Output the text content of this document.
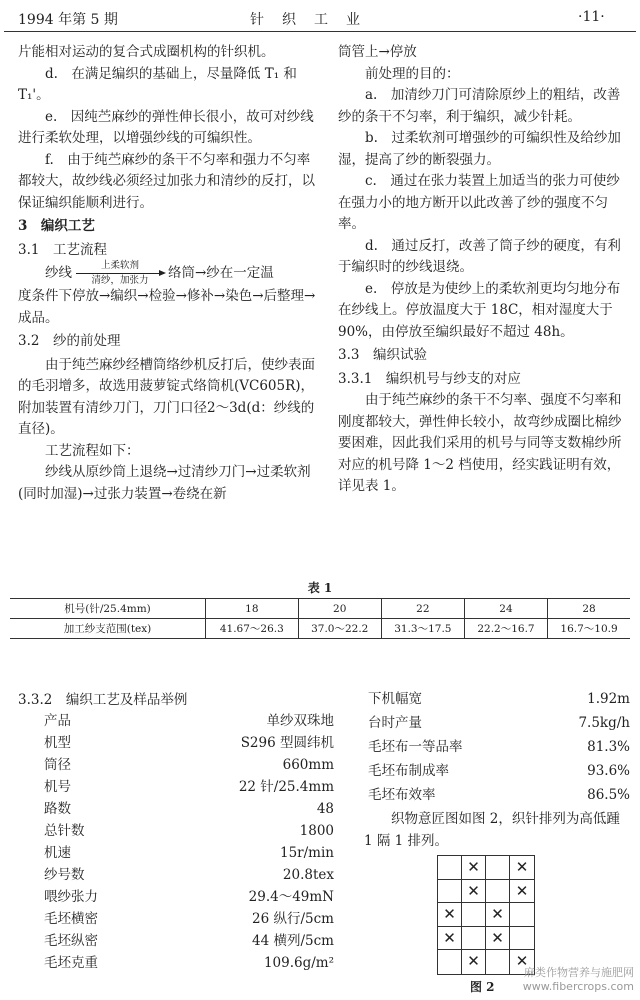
1994 年第 5 期	针　织　工　业	·11·

片能相对运动的复合式成圈机构的针织机。

d.　在满足编织的基础上，尽量降低 T₁ 和 T₁'。

e.　因纯苎麻纱的弹性伸长很小，故可对纱线进行柔软处理，以增强纱线的可编织性。

f.　由于纯苎麻纱的条干不匀率和强力不匀率都较大，故纱线必须经过加张力和清纱的反打，以保证编织能顺利进行。

3　编织工艺

3.1　工艺流程

纱线	上柔软剂
清纱，加张力 络筒→纱在一定温

度条件下停放→编织→检验→修补→染色→后整理→成品。

3.2　纱的前处理

由于纯苎麻纱经槽筒络纱机反打后，使纱表面的毛羽增多，故选用菠萝锭式络筒机(VC605R)，附加装置有清纱刀门，刀门口径2～3d(d：纱线的直径)。

工艺流程如下：

纱线从原纱筒上退绕→过清纱刀门→过柔软剂(同时加湿)→过张力装置→卷绕在新

筒管上→停放

前处理的目的：

a.　加清纱刀门可清除原纱上的粗结，改善纱的条干不匀率，利于编织，减少针耗。

b.　过柔软剂可增强纱的可编织性及给纱加湿，提高了纱的断裂强力。

c.　通过在张力装置上加适当的张力可使纱在强力小的地方断开以此改善了纱的强度不匀率。

d.　通过反打，改善了筒子纱的硬度，有利于编织时的纱线退绕。

e.　停放是为使纱上的柔软剂更均匀地分布在纱线上。停放温度大于 18C，相对湿度大于 90%，由停放至编织最好不超过 48h。

3.3　编织试验

3.3.1　编织机号与纱支的对应

由于纯苎麻纱的条干不匀率、强度不匀率和刚度都较大，弹性伸长较小，故弯纱成圈比棉纱要困难，因此我们采用的机号与同等支数棉纱所对应的机号降 1～2 档使用，经实践证明有效，详见表 1。

表 1
机号(针/25.4mm)	18	20	22	24	28
加工纱支范围(tex)	41.67～26.3	37.0～22.2	31.3～17.5	22.2～16.7	16.7～10.9
3.3.2　编织工艺及样品举例
产品	单纱双珠地
机型	S296 型圆纬机
筒径	660mm
机号	22 针/25.4mm
路数	48
总针数	1800
机速	15r/min
纱号数	20.8tex
喂纱张力	29.4～49mN
毛坯横密	26 纵行/5cm
毛坯纵密	44 横列/5cm
毛坯克重	109.6g/m²
下机幅宽	1.92m
台时产量	7.5kg/h
毛坯布一等品率	81.3%
毛坯布制成率	93.6%
毛坯布效率	86.5%

织物意匠图如图 2，织针排列为高低踵 1 隔 1 排列。

✕	✕
✕	✕
✕	✕
✕	✕
✕	✕
图 2
麻类作物营养与施肥网
www.fibercrops.com
